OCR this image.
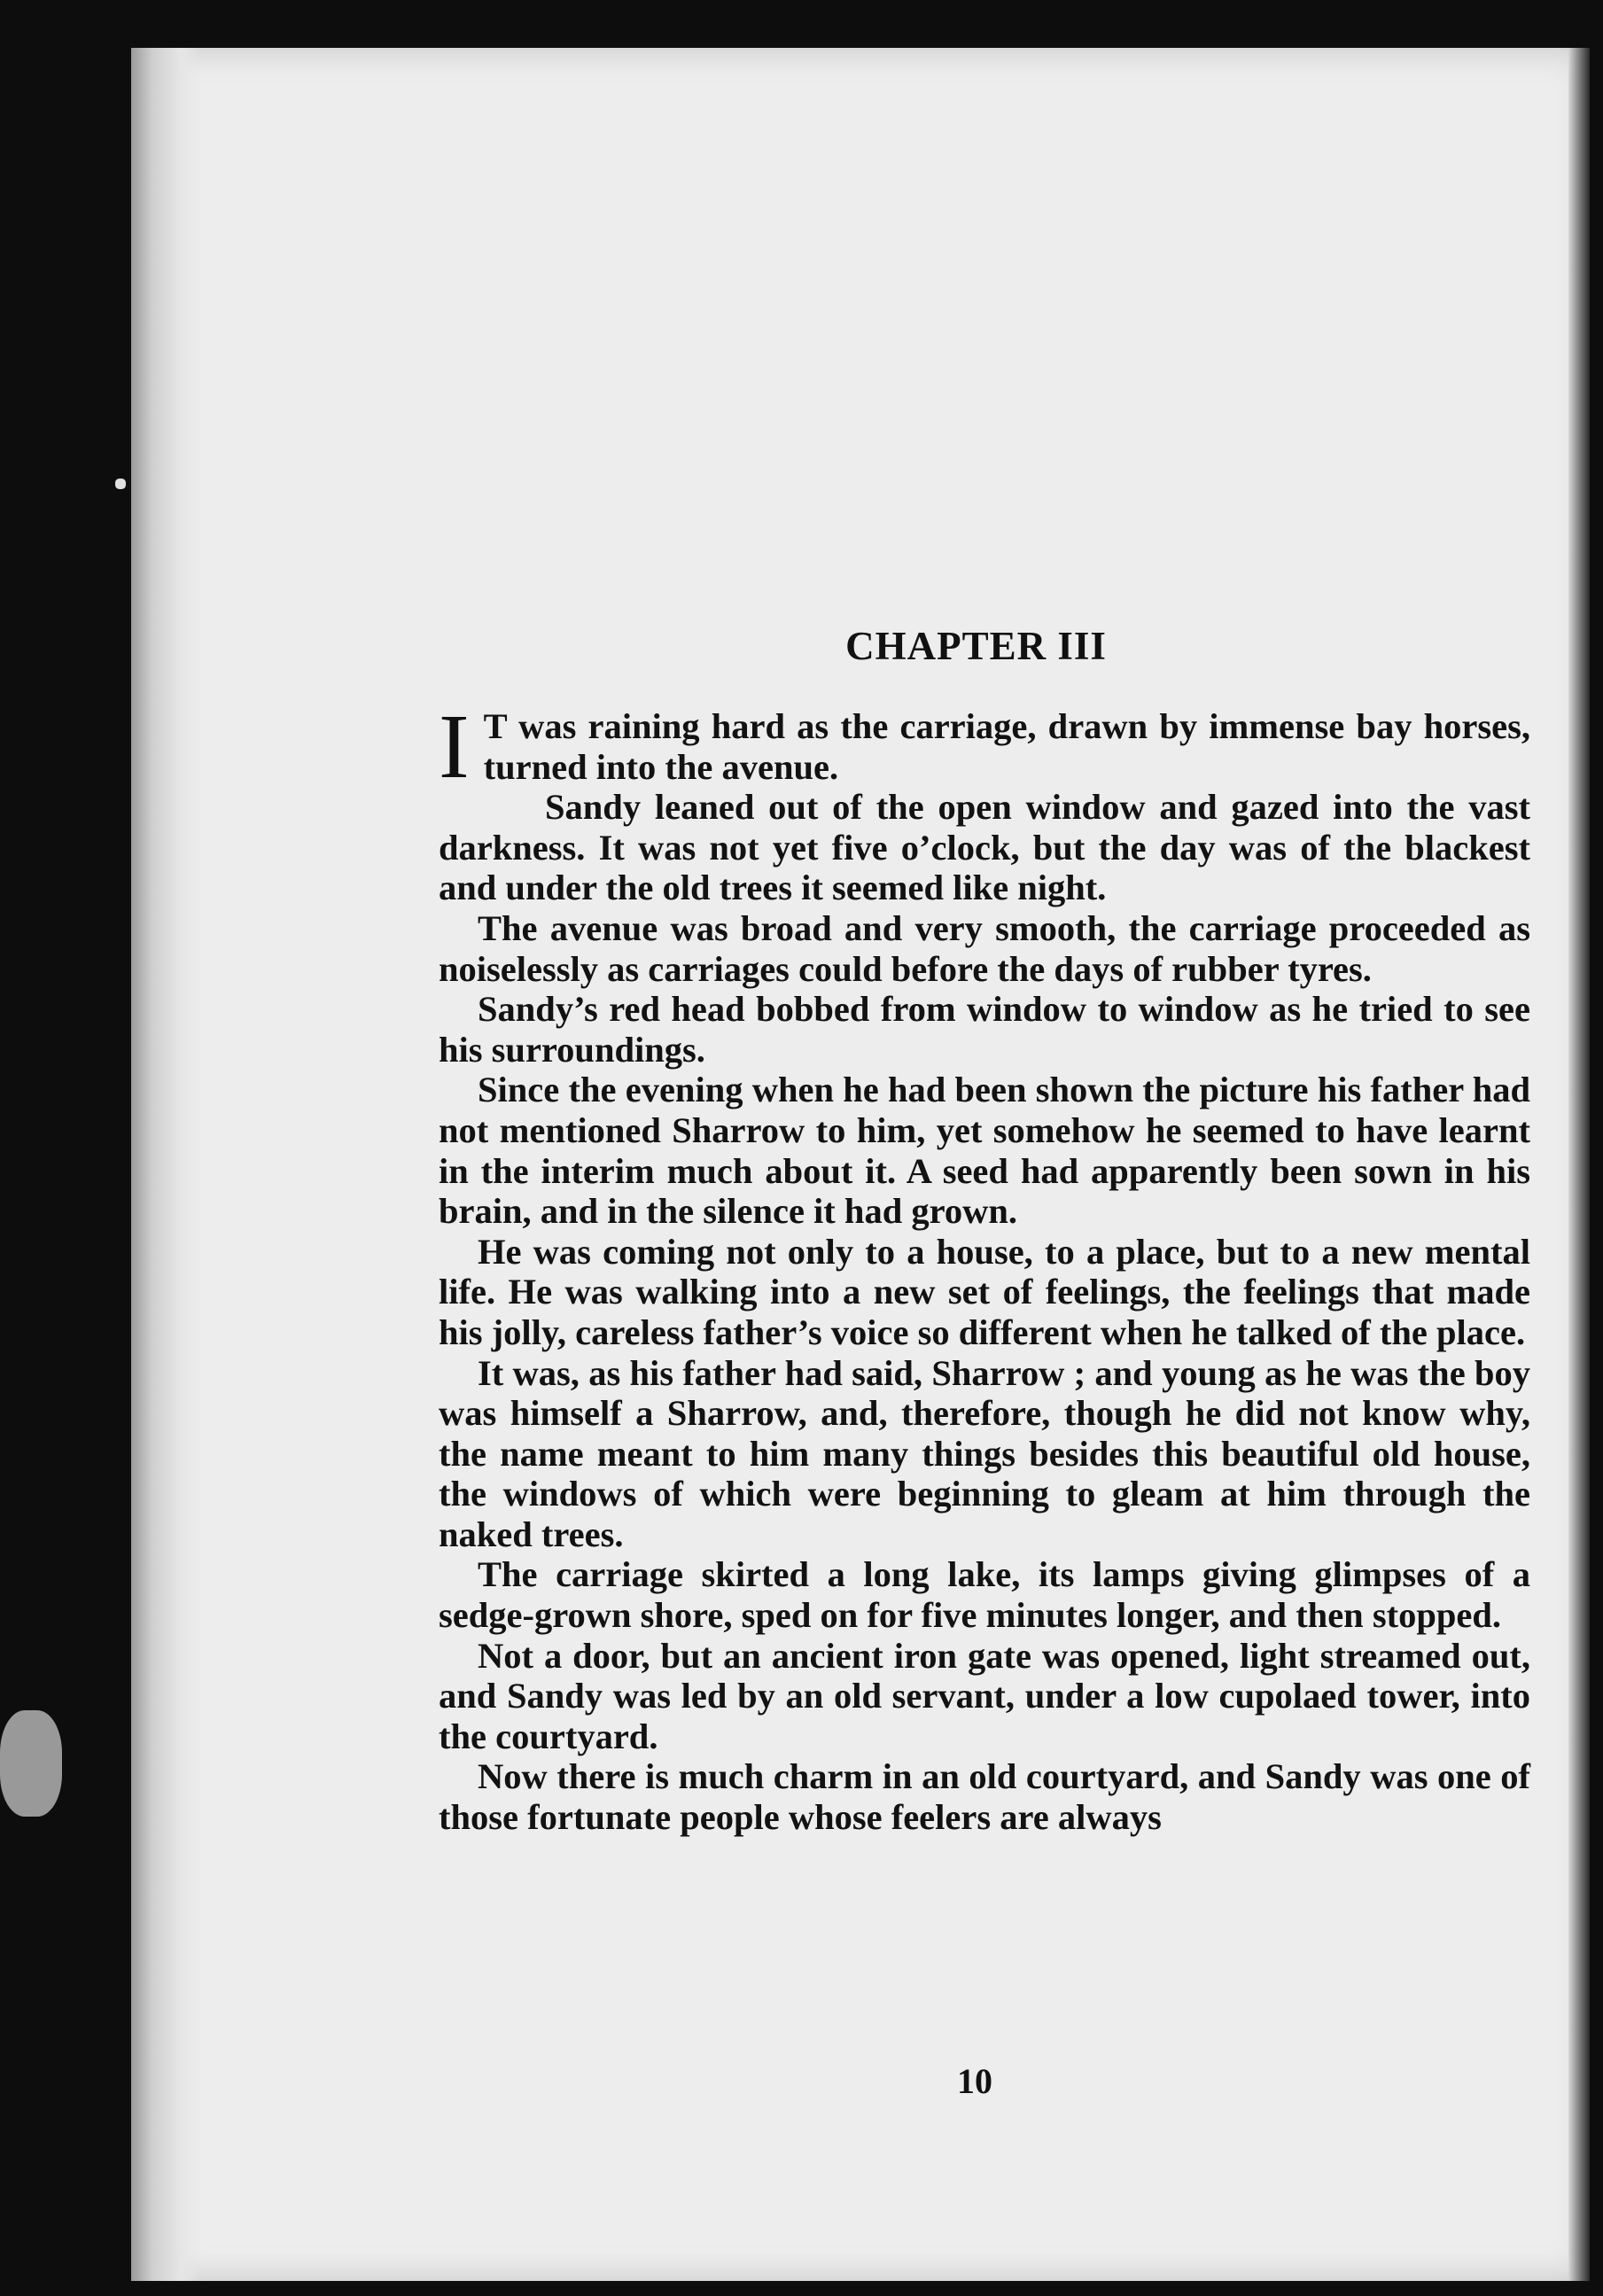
CHAPTER III

I T was raining hard as the carriage, drawn by immense bay horses, turned into the avenue.

Sandy leaned out of the open window and gazed into the vast darkness. It was not yet five o’clock, but the day was of the blackest and under the old trees it seemed like night.

The avenue was broad and very smooth, the carriage proceeded as noiselessly as carriages could before the days of rubber tyres.

Sandy’s red head bobbed from window to window as he tried to see his surroundings.

Since the evening when he had been shown the picture his father had not mentioned Sharrow to him, yet somehow he seemed to have learnt in the interim much about it. A seed had apparently been sown in his brain, and in the silence it had grown.

He was coming not only to a house, to a place, but to a new mental life. He was walking into a new set of feelings, the feelings that made his jolly, careless father’s voice so different when he talked of the place.

It was, as his father had said, Sharrow ; and young as he was the boy was himself a Sharrow, and, therefore, though he did not know why, the name meant to him many things besides this beautiful old house, the windows of which were beginning to gleam at him through the naked trees.

The carriage skirted a long lake, its lamps giving glimpses of a sedge-grown shore, sped on for five minutes longer, and then stopped.

Not a door, but an ancient iron gate was opened, light streamed out, and Sandy was led by an old servant, under a low cupolaed tower, into the courtyard.

Now there is much charm in an old courtyard, and Sandy was one of those fortunate people whose feelers are always

10
